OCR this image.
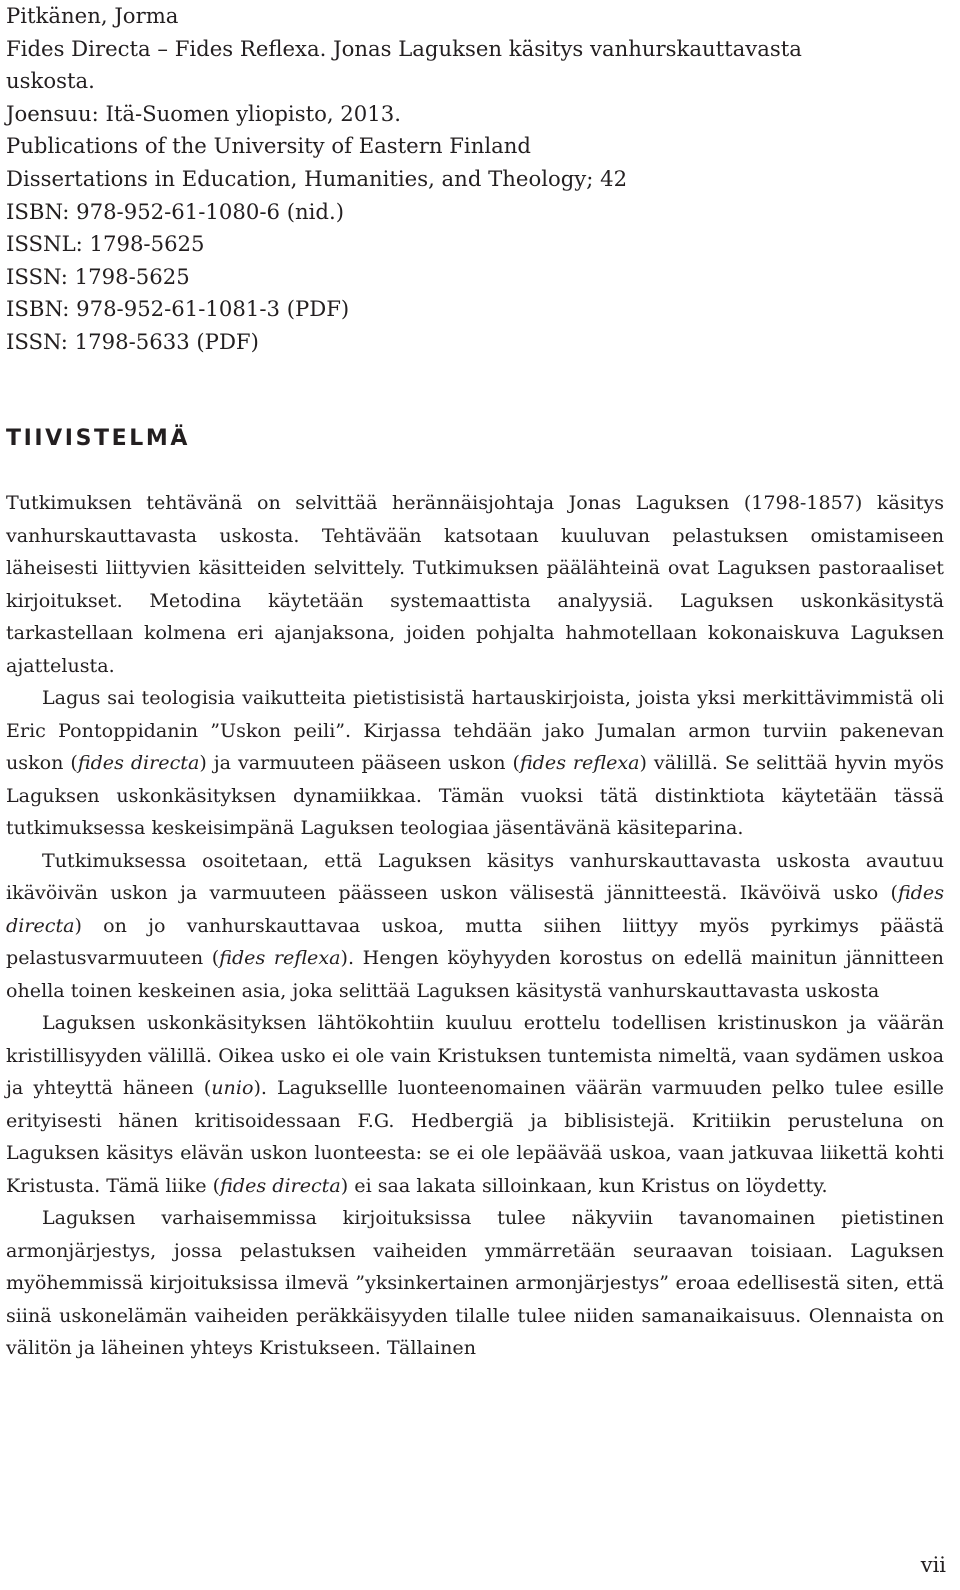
Pitkänen, Jorma
Fides Directa – Fides Reflexa. Jonas Laguksen käsitys vanhurskauttavasta
uskosta.
Joensuu: Itä-Suomen yliopisto, 2013.
Publications of the University of Eastern Finland
Dissertations in Education, Humanities, and Theology; 42
ISBN: 978-952-61-1080-6 (nid.)
ISSNL: 1798-5625
ISSN: 1798-5625
ISBN: 978-952-61-1081-3 (PDF)
ISSN: 1798-5633 (PDF)
TIIVISTELMÄ

Tutkimuksen tehtävänä on selvittää herännäisjohtaja Jonas Laguksen (1798-1857) käsitys vanhurskauttavasta uskosta. Tehtävään katsotaan kuuluvan pelastuksen omistamiseen läheisesti liittyvien käsitteiden selvittely. Tutkimuksen päälähteinä ovat Laguksen pastoraaliset kirjoitukset. Metodina käytetään systemaattista analyysiä. Laguksen uskonkäsitystä tarkastellaan kolmena eri ajanjaksona, joiden pohjalta hahmotellaan kokonaiskuva Laguksen ajattelusta.

Lagus sai teologisia vaikutteita pietistisistä hartauskirjoista, joista yksi merkittävimmistä oli Eric Pontoppidanin ”Uskon peili”. Kirjassa tehdään jako Jumalan armon turviin pakenevan uskon (fides directa) ja varmuuteen pääseen uskon (fides reflexa) välillä. Se selittää hyvin myös Laguksen uskonkäsityksen dynamiikkaa. Tämän vuoksi tätä distinktiota käytetään tässä tutkimuksessa keskeisimpänä Laguksen teologiaa jäsentävänä käsiteparina.

Tutkimuksessa osoitetaan, että Laguksen käsitys vanhurskauttavasta uskosta avautuu ikävöivän uskon ja varmuuteen päässeen uskon välisestä jännitteestä. Ikävöivä usko (fides directa) on jo vanhurskauttavaa uskoa, mutta siihen liittyy myös pyrkimys päästä pelastusvarmuuteen (fides reflexa). Hengen köyhyyden korostus on edellä mainitun jännitteen ohella toinen keskeinen asia, joka selittää Laguksen käsitystä vanhurskauttavasta uskosta

Laguksen uskonkäsityksen lähtökohtiin kuuluu erottelu todellisen kristinuskon ja väärän kristillisyyden välillä. Oikea usko ei ole vain Kristuksen tuntemista nimeltä, vaan sydämen uskoa ja yhteyttä häneen (unio). Laguksellle luonteenomainen väärän varmuuden pelko tulee esille erityisesti hänen kritisoidessaan F.G. Hedbergiä ja biblisistejä. Kritiikin perusteluna on Laguksen käsitys elävän uskon luonteesta: se ei ole lepäävää uskoa, vaan jatkuvaa liikettä kohti Kristusta. Tämä liike (fides directa) ei saa lakata silloinkaan, kun Kristus on löydetty.

Laguksen varhaisemmissa kirjoituksissa tulee näkyviin tavanomainen pietistinen armonjärjestys, jossa pelastuksen vaiheiden ymmärretään seuraavan toisiaan. Laguksen myöhemmissä kirjoituksissa ilmevä ”yksinkertainen armonjärjestys” eroaa edellisestä siten, että siinä uskonelämän vaiheiden peräkkäisyyden tilalle tulee niiden samanaikaisuus. Olennaista on välitön ja läheinen yhteys Kristukseen. Tällainen

vii
